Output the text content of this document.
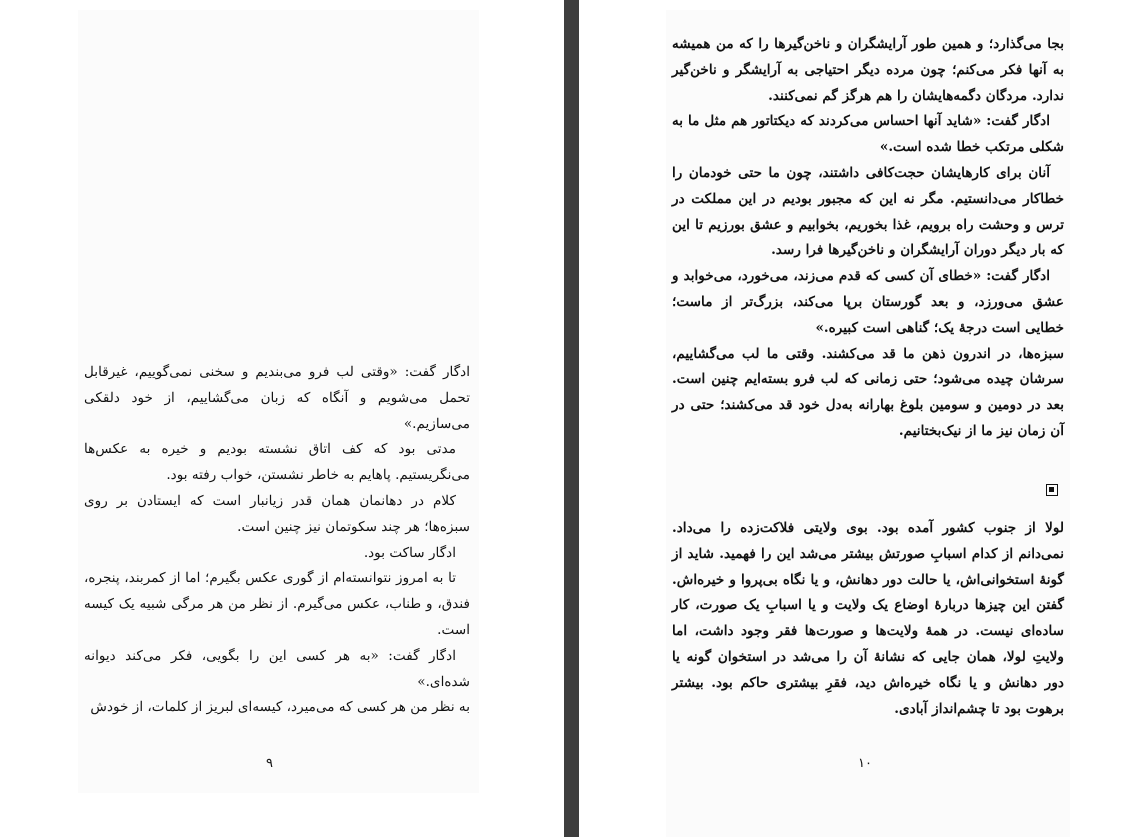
ادگار گفت: «وقتی لب فرو می‌بندیم و سخنی نمی‌گوییم، غیرقابل تحمل می‌شویم و آنگاه که زبان می‌گشاییم، از خود دلقکی می‌سازیم.»

مدتی بود که کف اتاق نشسته بودیم و خیره به عکس‌ها می‌نگریستیم. پاهایم به خاطر نشستن، خواب رفته بود.

کلام در دهانمان همان قدر زیانبار است که ایستادن بر روی سبزه‌ها؛ هر چند سکوتمان نیز چنین است.

ادگار ساکت بود.

تا به امروز نتوانسته‌ام از گوری عکس بگیرم؛ اما از کمربند، پنجره، فندق، و طناب، عکس می‌گیرم. از نظر من هر مرگی شبیه یک کیسه است.

ادگار گفت: «به هر کسی این را بگویی، فکر می‌کند دیوانه شده‌ای.»

به نظر من هر کسی که می‌میرد، کیسه‌ای لبریز از کلمات، از خودش

بجا می‌گذارد؛ و همین طور آرایشگران و ناخن‌گیرها را که من همیشه به آنها فکر می‌کنم؛ چون مرده دیگر احتیاجی به آرایشگر و ناخن‌گیر ندارد. مردگان دگمه‌هایشان را هم هرگز گم نمی‌کنند.

ادگار گفت: «شاید آنها احساس می‌کردند که دیکتاتور هم مثل ما به شکلی مرتکب خطا شده است.»

آنان برای کارهایشان حجت‌کافی داشتند، چون ما حتی خودمان را خطاکار می‌دانستیم. مگر نه این که مجبور بودیم در این مملکت در ترس و وحشت راه برویم، غذا بخوریم، بخوابیم و عشق بورزیم تا این که بار دیگر دوران آرایشگران و ناخن‌گیرها فرا رسد.

ادگار گفت: «خطای آن کسی که قدم می‌زند، می‌خورد، می‌خوابد و عشق می‌ورزد، و بعد گورستان برپا می‌کند، بزرگ‌تر از ماست؛ خطایی است درجهٔ یک؛ گناهی است کبیره.»

سبزه‌ها، در اندرون ذهن ما قد می‌کشند. وقتی ما لب می‌گشاییم، سرشان چیده می‌شود؛ حتی زمانی که لب فرو بسته‌ایم چنین است. بعد در دومین و سومین بلوغ بهارانه به‌دل خود قد می‌کشند؛ حتی در آن زمان نیز ما از نیک‌بختانیم.

لولا از جنوب کشور آمده بود. بوی ولایتی فلاکت‌زده را می‌داد. نمی‌دانم از کدام اسبابِ صورتش بیشتر می‌شد این را فهمید. شاید از گونهٔ استخوانی‌اش، یا حالت دور دهانش، و یا نگاه بی‌پروا و خیره‌اش. گفتن این چیزها دربارهٔ اوضاع یک ولایت و یا اسبابِ یک صورت، کار ساده‌ای نیست. در همهٔ ولایت‌ها و صورت‌ها فقر وجود داشت، اما ولایتِ لولا، همان جایی که نشانهٔ آن را می‌شد در استخوان گونه یا دور دهانش و یا نگاه خیره‌اش دید، فقرِ بیشتری حاکم بود. بیشتر برهوت بود تا چشم‌انداز آبادی.

۹	۱۰
